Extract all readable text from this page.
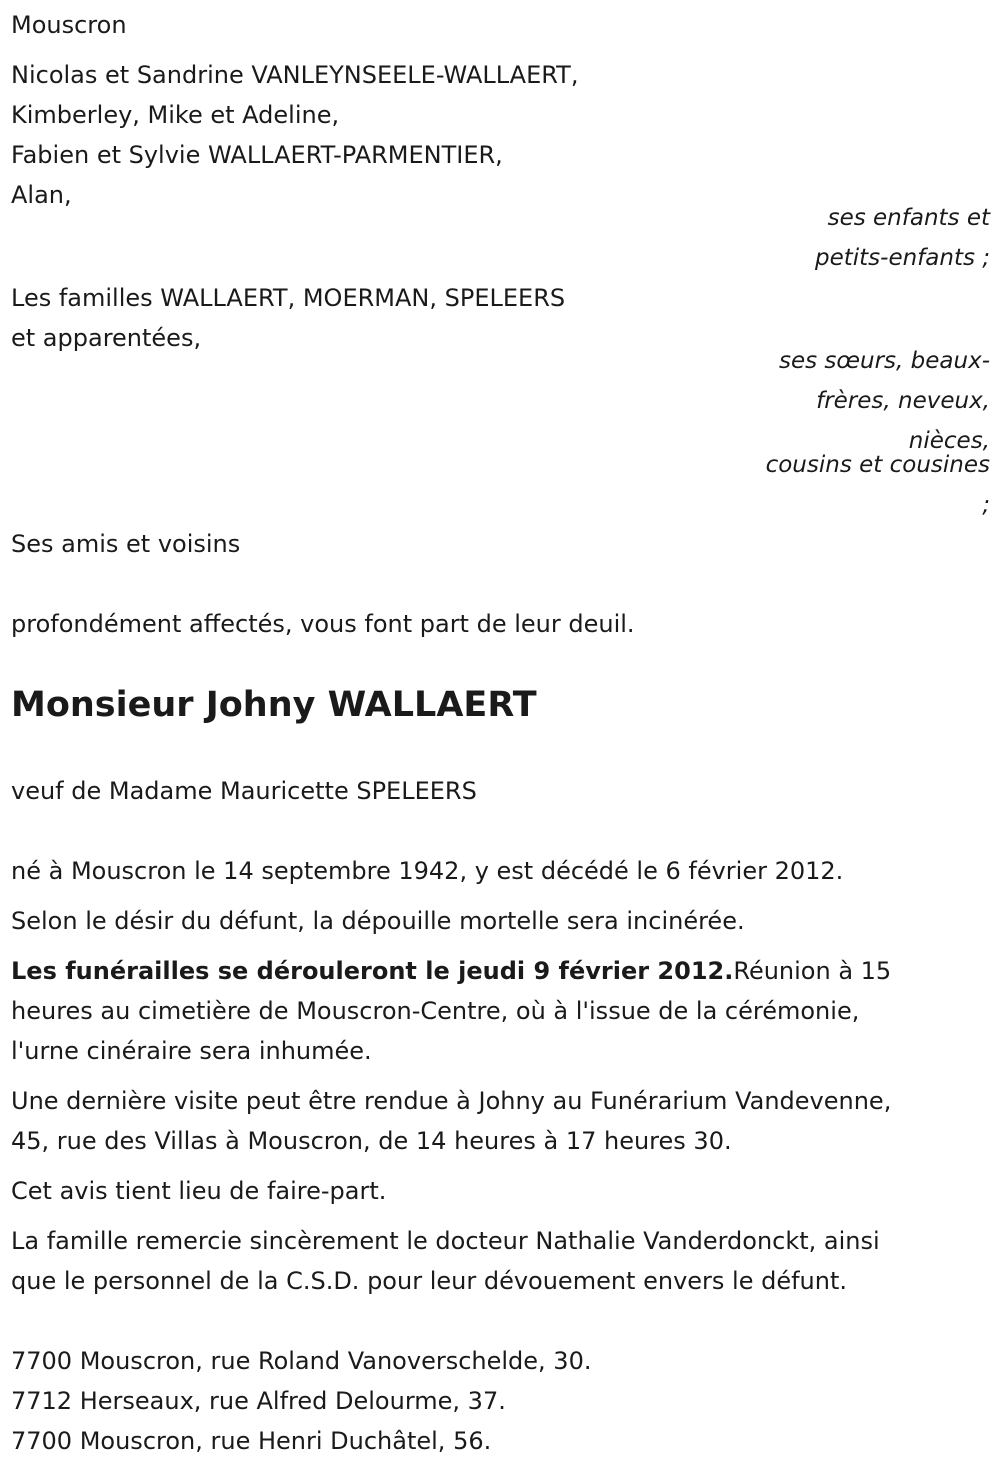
Mouscron
Nicolas et Sandrine VANLEYNSEELE-WALLAERT,
Kimberley, Mike et Adeline,
Fabien et Sylvie WALLAERT-PARMENTIER,
Alan,
ses enfants et
petits-enfants ;
Les familles WALLAERT, MOERMAN, SPELEERS
et apparentées,
ses sœurs, beaux-
frères, neveux,
nièces,
cousins et cousines
;
Ses amis et voisins
profondément affectés, vous font part de leur deuil.
Monsieur Johny WALLAERT
veuf de Madame Mauricette SPELEERS
né à Mouscron le 14 septembre 1942, y est décédé le 6 février 2012.
Selon le désir du défunt, la dépouille mortelle sera incinérée.
Les funérailles se dérouleront le jeudi 9 février 2012.Réunion à 15
heures au cimetière de Mouscron-Centre, où à l'issue de la cérémonie,
l'urne cinéraire sera inhumée.
Une dernière visite peut être rendue à Johny au Funérarium Vandevenne,
45, rue des Villas à Mouscron, de 14 heures à 17 heures 30.
Cet avis tient lieu de faire-part.
La famille remercie sincèrement le docteur Nathalie Vanderdonckt, ainsi
que le personnel de la C.S.D. pour leur dévouement envers le défunt.
7700 Mouscron, rue Roland Vanoverschelde, 30.
7712 Herseaux, rue Alfred Delourme, 37.
7700 Mouscron, rue Henri Duchâtel, 56.
